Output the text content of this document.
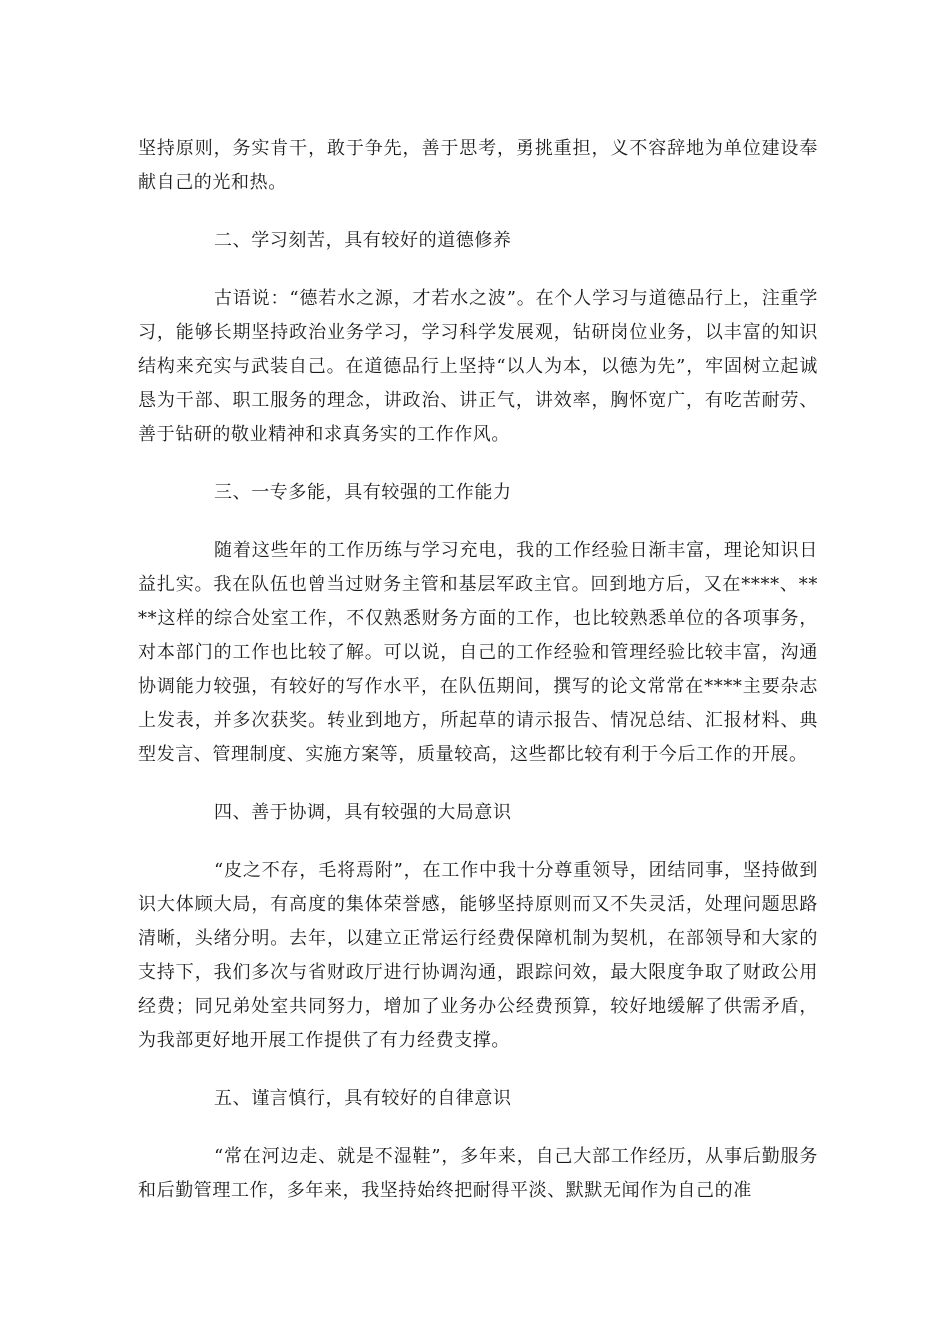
坚持原则，务实肯干，敢于争先，善于思考，勇挑重担，义不容辞地为单位建设奉献自己的光和热。

二、学习刻苦，具有较好的道德修养

古语说：“德若水之源，才若水之波”。在个人学习与道德品行上，注重学习，能够长期坚持政治业务学习，学习科学发展观，钻研岗位业务，以丰富的知识结构来充实与武装自己。在道德品行上坚持“以人为本，以德为先”，牢固树立起诚恳为干部、职工服务的理念，讲政治、讲正气，讲效率，胸怀宽广，有吃苦耐劳、善于钻研的敬业精神和求真务实的工作作风。

三、一专多能，具有较强的工作能力

随着这些年的工作历练与学习充电，我的工作经验日渐丰富，理论知识日益扎实。我在队伍也曾当过财务主管和基层军政主官。回到地方后，又在****、****这样的综合处室工作，不仅熟悉财务方面的工作，也比较熟悉单位的各项事务，对本部门的工作也比较了解。可以说，自己的工作经验和管理经验比较丰富，沟通协调能力较强，有较好的写作水平，在队伍期间，撰写的论文常常在****主要杂志上发表，并多次获奖。转业到地方，所起草的请示报告、情况总结、汇报材料、典型发言、管理制度、实施方案等，质量较高，这些都比较有利于今后工作的开展。

四、善于协调，具有较强的大局意识

“皮之不存，毛将焉附”，在工作中我十分尊重领导，团结同事，坚持做到识大体顾大局，有高度的集体荣誉感，能够坚持原则而又不失灵活，处理问题思路清晰，头绪分明。去年，以建立正常运行经费保障机制为契机，在部领导和大家的支持下，我们多次与省财政厅进行协调沟通，跟踪问效，最大限度争取了财政公用经费；同兄弟处室共同努力，增加了业务办公经费预算，较好地缓解了供需矛盾，为我部更好地开展工作提供了有力经费支撑。

五、谨言慎行，具有较好的自律意识

“常在河边走、就是不湿鞋”，多年来，自己大部工作经历，从事后勤服务和后勤管理工作，多年来，我坚持始终把耐得平淡、默默无闻作为自己的准
